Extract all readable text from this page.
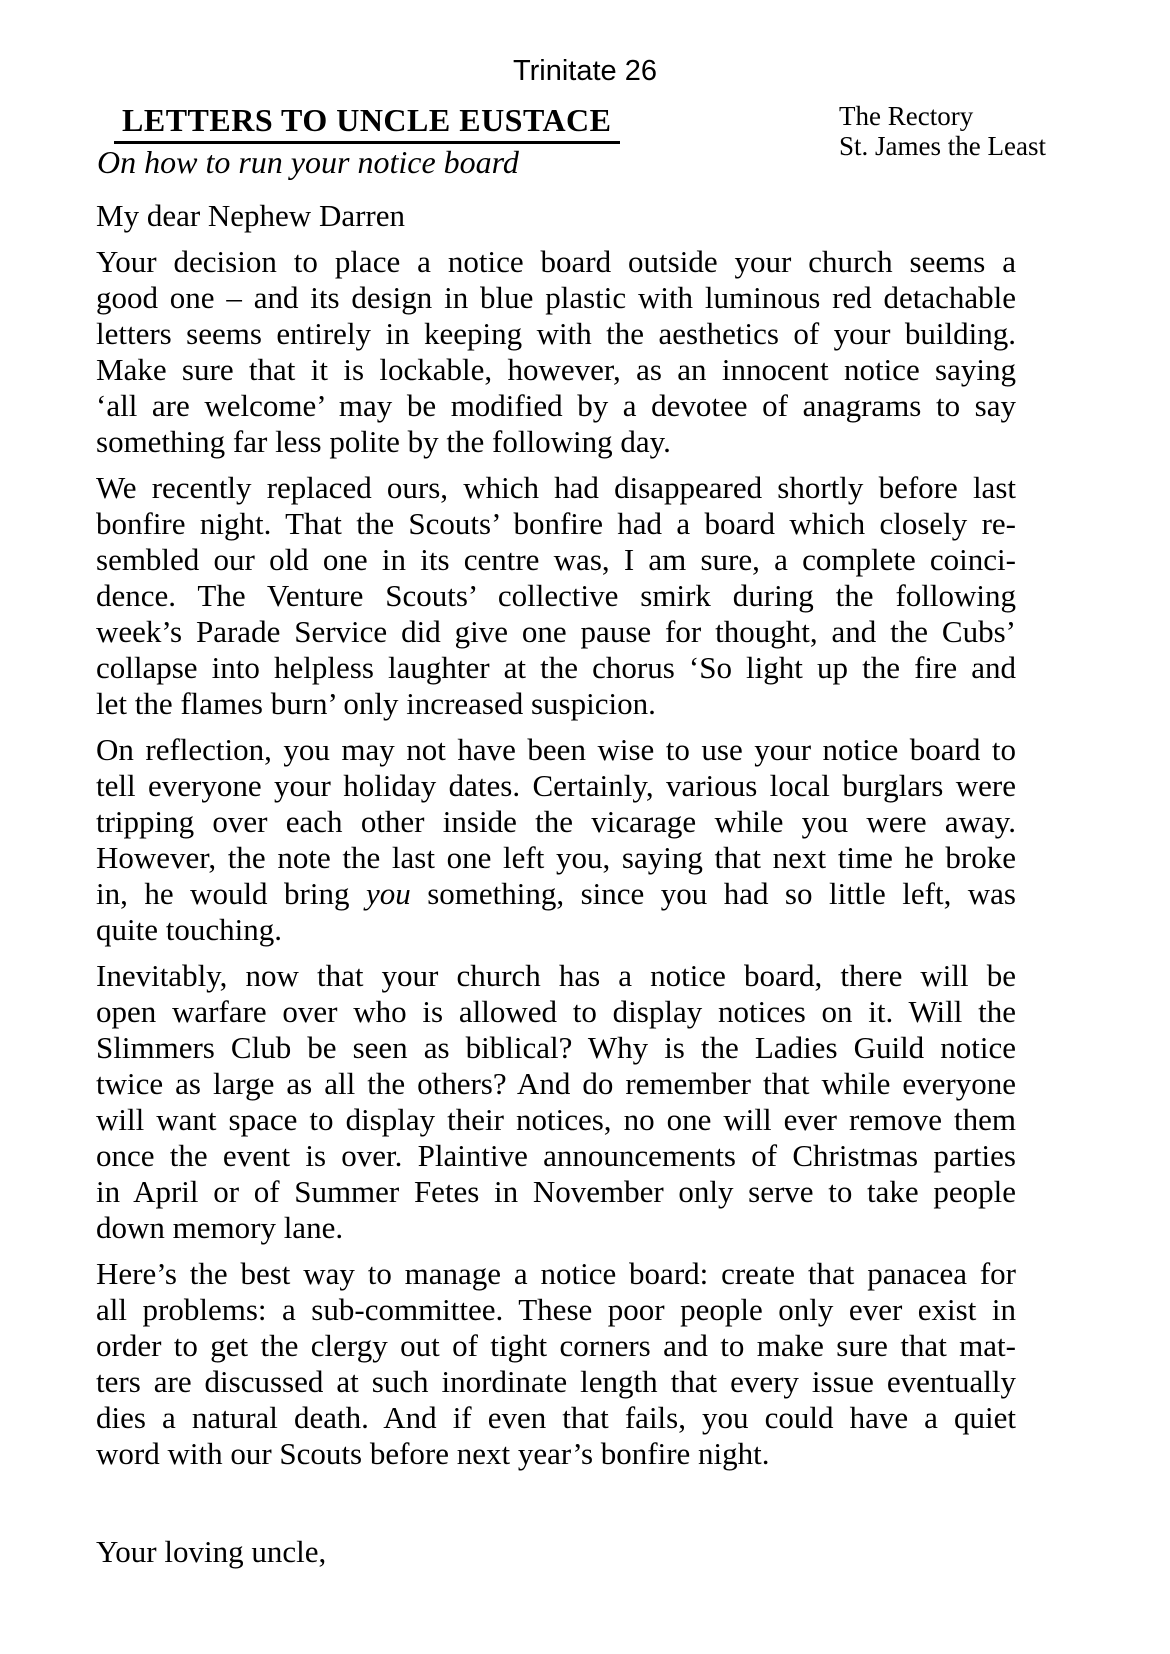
Trinitate 26
LETTERS TO UNCLE EUSTACE
On how to run your notice board
The Rectory
St. James the Least
My dear Nephew Darren
Your decision to place a notice board outside your church seems a
good one – and its design in blue plastic with luminous red detachable
letters seems entirely in keeping with the aesthetics of your building.
Make sure that it is lockable, however, as an innocent notice saying
‘all are welcome’ may be modified by a devotee of anagrams to say
something far less polite by the following day.
We recently replaced ours, which had disappeared shortly before last
bonfire night. That the Scouts’ bonfire had a board which closely re-
sembled our old one in its centre was, I am sure, a complete coinci-
dence. The Venture Scouts’ collective smirk during the following
week’s Parade Service did give one pause for thought, and the Cubs’
collapse into helpless laughter at the chorus ‘So light up the fire and
let the flames burn’ only increased suspicion.
On reflection, you may not have been wise to use your notice board to
tell everyone your holiday dates. Certainly, various local burglars were
tripping over each other inside the vicarage while you were away.
However, the note the last one left you, saying that next time he broke
in, he would bring you something, since you had so little left, was
quite touching.
Inevitably, now that your church has a notice board, there will be
open warfare over who is allowed to display notices on it. Will the
Slimmers Club be seen as biblical? Why is the Ladies Guild notice
twice as large as all the others? And do remember that while everyone
will want space to display their notices, no one will ever remove them
once the event is over. Plaintive announcements of Christmas parties
in April or of Summer Fetes in November only serve to take people
down memory lane.
Here’s the best way to manage a notice board: create that panacea for
all problems: a sub-committee. These poor people only ever exist in
order to get the clergy out of tight corners and to make sure that mat-
ters are discussed at such inordinate length that every issue eventually
dies a natural death. And if even that fails, you could have a quiet
word with our Scouts before next year’s bonfire night.
Your loving uncle,
